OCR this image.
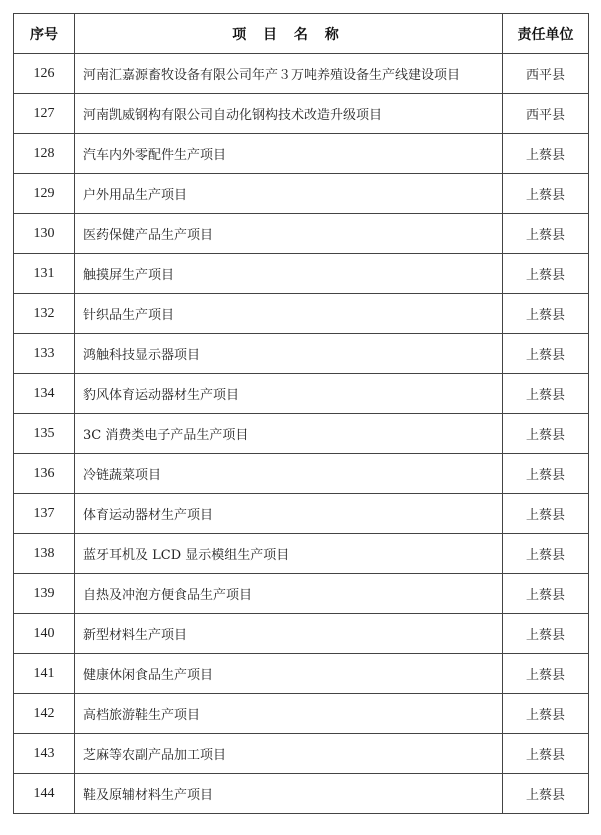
序号	项 目 名 称	责任单位
126	河南汇嘉源畜牧设备有限公司年产３万吨养殖设备生产线建设项目	西平县
127	河南凯威钢构有限公司自动化钢构技术改造升级项目	西平县
128	汽车内外零配件生产项目	上蔡县
129	户外用品生产项目	上蔡县
130	医药保健产品生产项目	上蔡县
131	触摸屏生产项目	上蔡县
132	针织品生产项目	上蔡县
133	鸿触科技显示器项目	上蔡县
134	豹风体育运动器材生产项目	上蔡县
135	3C 消费类电子产品生产项目	上蔡县
136	冷链蔬菜项目	上蔡县
137	体育运动器材生产项目	上蔡县
138	蓝牙耳机及 LCD 显示模组生产项目	上蔡县
139	自热及冲泡方便食品生产项目	上蔡县
140	新型材料生产项目	上蔡县
141	健康休闲食品生产项目	上蔡县
142	高档旅游鞋生产项目	上蔡县
143	芝麻等农副产品加工项目	上蔡县
144	鞋及原辅材料生产项目	上蔡县
